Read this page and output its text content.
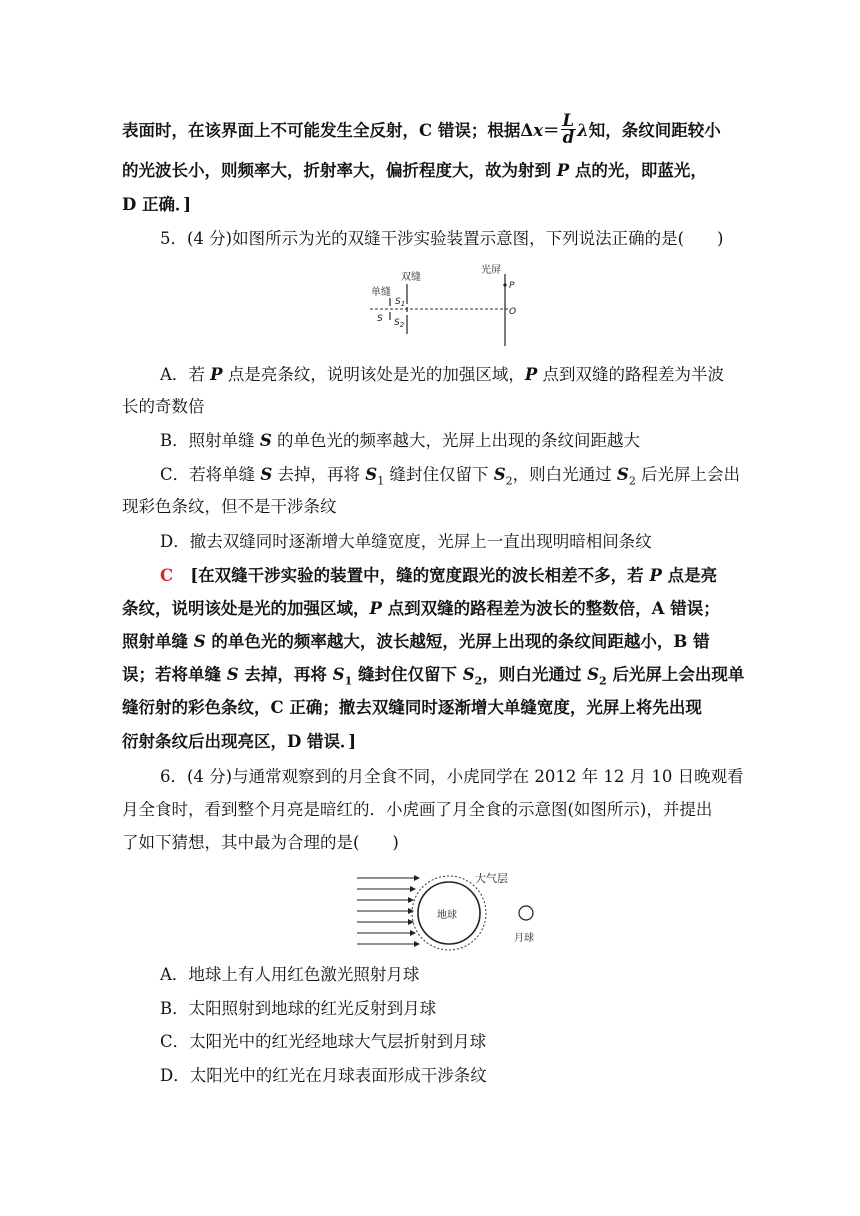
表面时，在该界面上不可能发生全反射，C 错误；根据$\Delta x= \frac{L}{d}$ λ知，条纹间距较小
的光波长小，则频率大，折射率大，偏折程度大，故为射到 P 点的光，即蓝光，
D 正确．]
5．(4 分)如图所示为光的双缝干涉实验装置示意图，下列说法正确的是(　　)
双缝
光屏
单缝
$S_1$
$S_2$
S
P
O
A．若 P 点是亮条纹，说明该处是光的加强区域，P 点到双缝的路程差为半波
长的奇数倍
B．照射单缝 S 的单色光的频率越大，光屏上出现的条纹间距越大
C．若将单缝 S 去掉，再将 $S_1$ 缝封住仅留下 $S_2$，则白光通过 $S_2$ 后光屏上会出
现彩色条纹，但不是干涉条纹
D．撤去双缝同时逐渐增大单缝宽度，光屏上一直出现明暗相间条纹
C [在双缝干涉实验的装置中，缝的宽度跟光的波长相差不多，若 P 点是亮
条纹，说明该处是光的加强区域，P 点到双缝的路程差为波长的整数倍，A 错误；
照射单缝 S 的单色光的频率越大，波长越短，光屏上出现的条纹间距越小，B 错
误；若将单缝 S 去掉，再将 $S_1$ 缝封住仅留下 $S_2$，则白光通过 $S_2$ 后光屏上会出现单
缝衍射的彩色条纹，C 正确；撤去双缝同时逐渐增大单缝宽度，光屏上将先出现
衍射条纹后出现亮区，D 错误．]
6．(4 分)与通常观察到的月全食不同，小虎同学在 2012 年 12 月 10 日晚观看
月全食时，看到整个月亮是暗红的．小虎画了月全食的示意图(如图所示)，并提出
了如下猜想，其中最为合理的是(　　)
大气层
地球
月球
A．地球上有人用红色激光照射月球
B．太阳照射到地球的红光反射到月球
C．太阳光中的红光经地球大气层折射到月球
D．太阳光中的红光在月球表面形成干涉条纹
